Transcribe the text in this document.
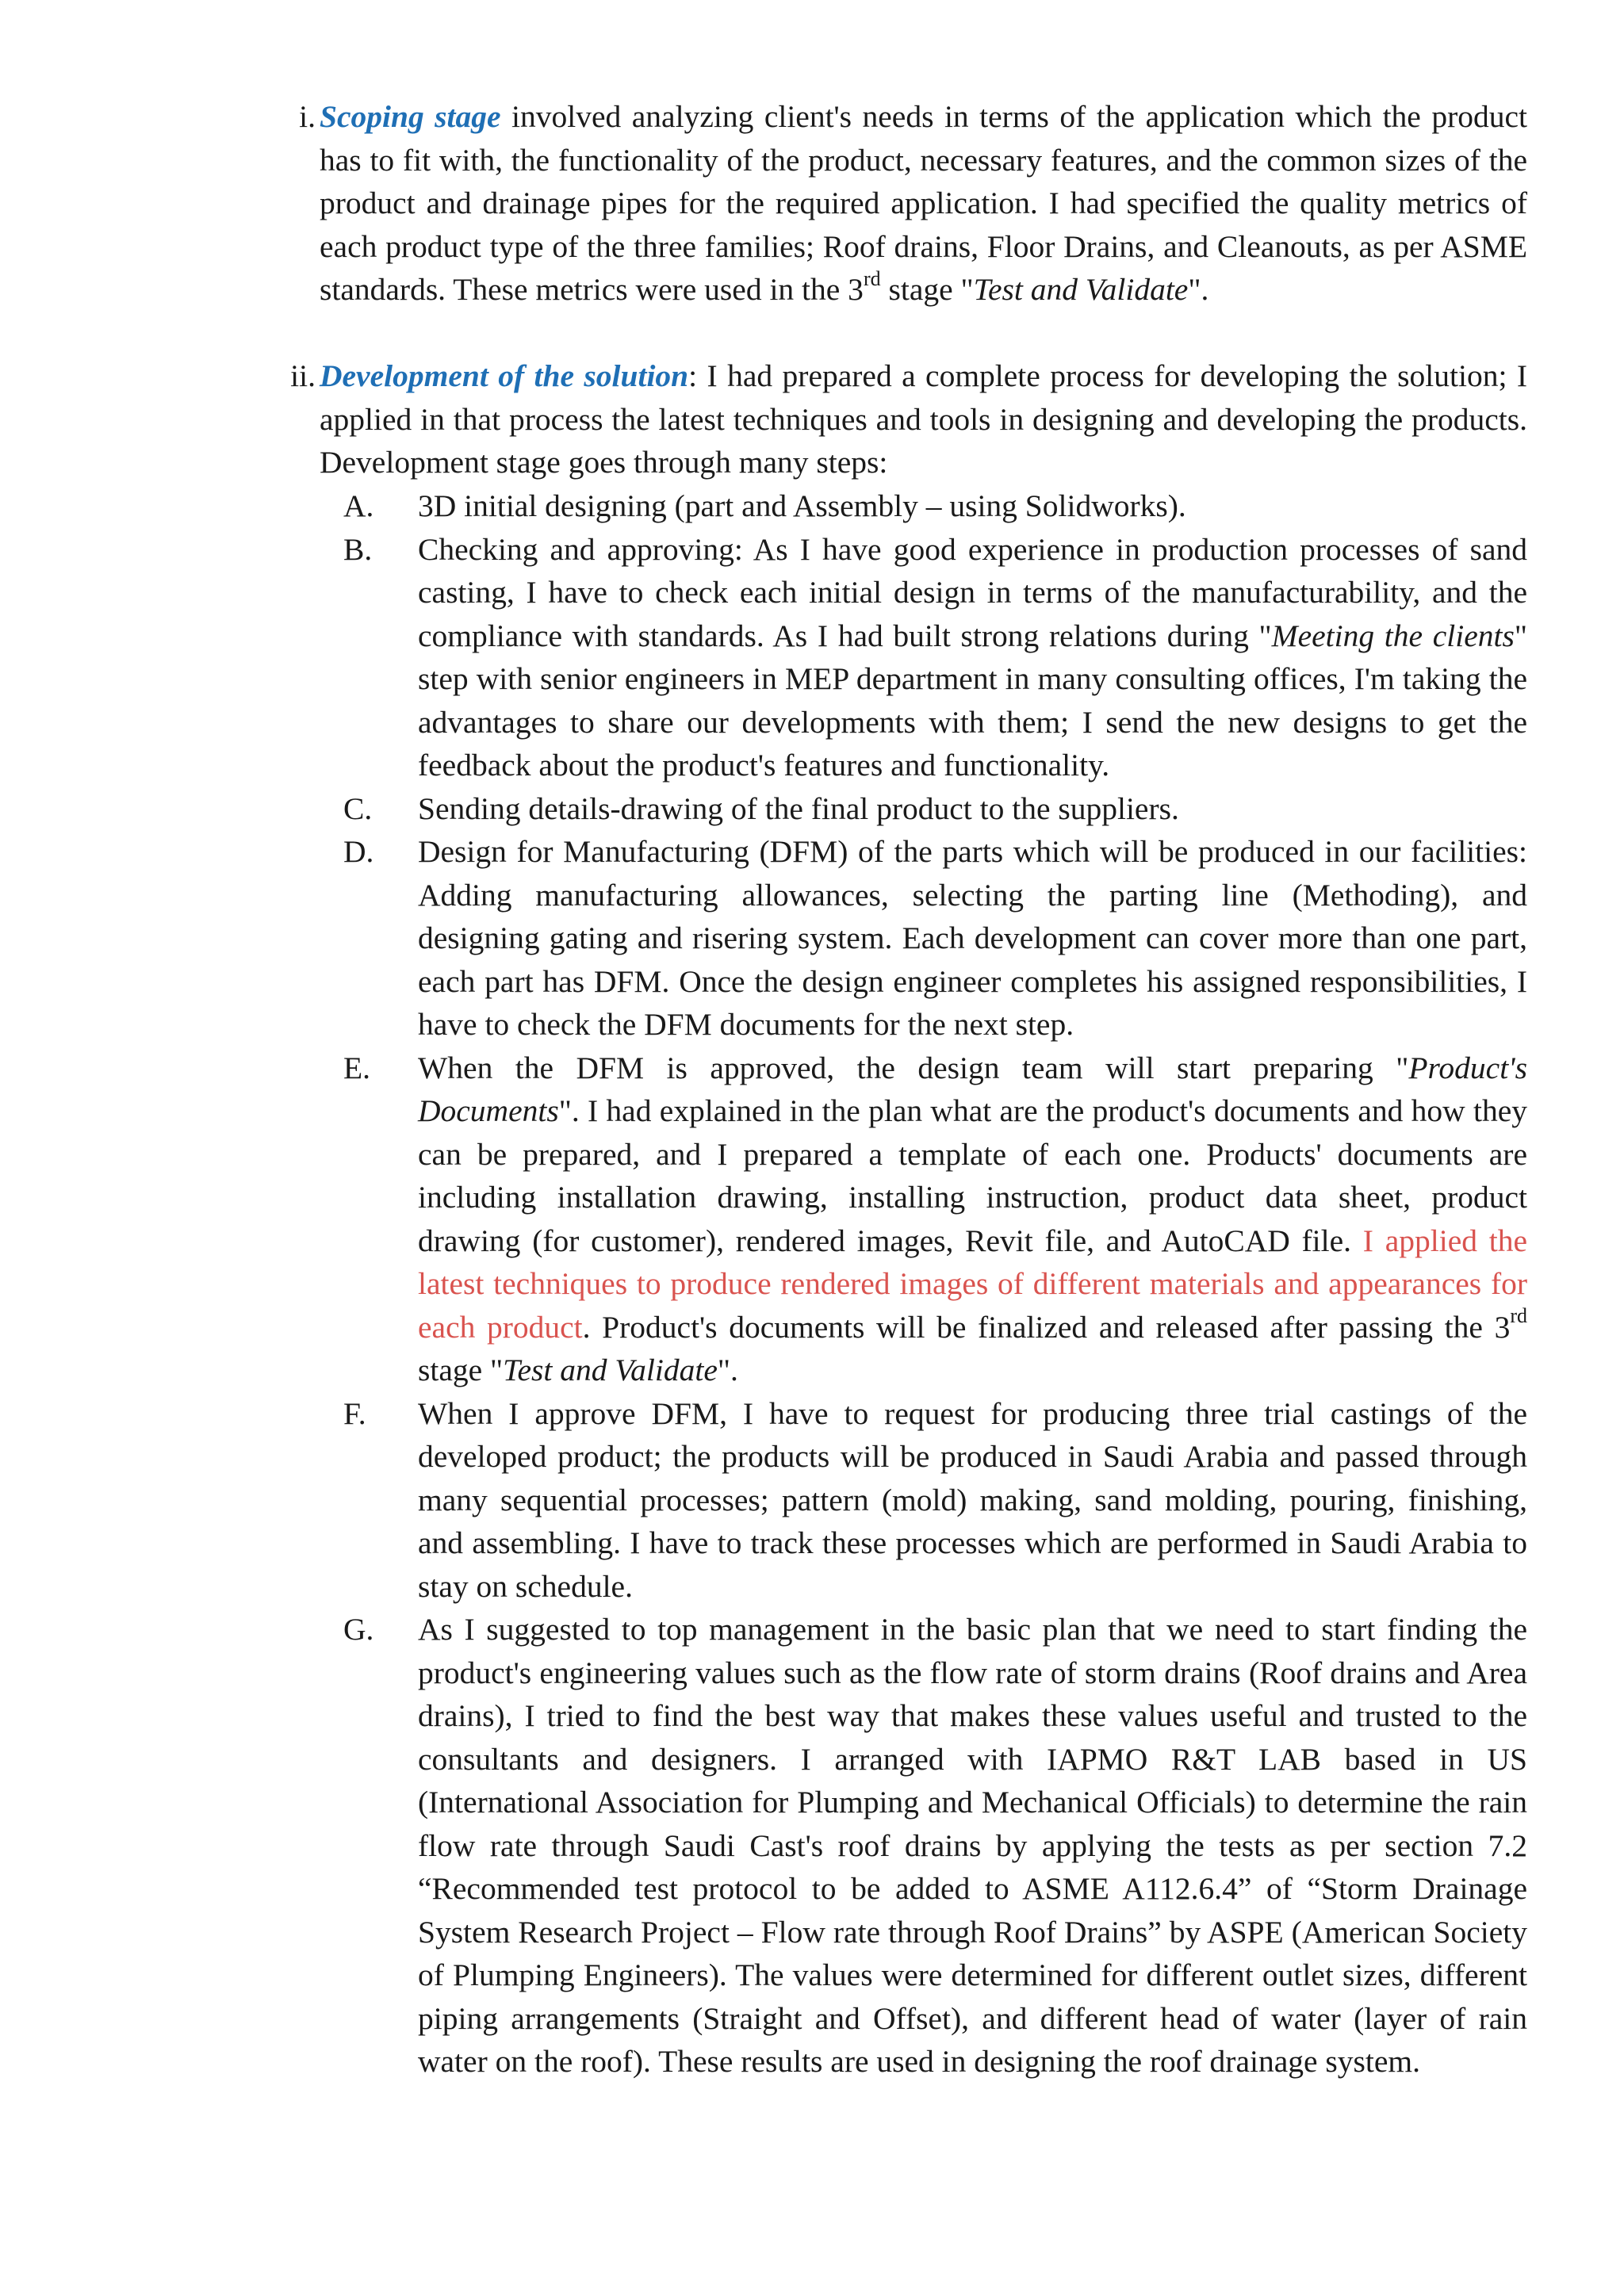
i. Scoping stage involved analyzing client's needs in terms of the application which the product has to fit with, the functionality of the product, necessary features, and the common sizes of the product and drainage pipes for the required application. I had specified the quality metrics of each product type of the three families; Roof drains, Floor Drains, and Cleanouts, as per ASME standards. These metrics were used in the 3rd stage "Test and Validate".
ii. Development of the solution: I had prepared a complete process for developing the solution; I applied in that process the latest techniques and tools in designing and developing the products. Development stage goes through many steps:
A. 3D initial designing (part and Assembly – using Solidworks).
B. Checking and approving: As I have good experience in production processes of sand casting, I have to check each initial design in terms of the manufacturability, and the compliance with standards. As I had built strong relations during "Meeting the clients" step with senior engineers in MEP department in many consulting offices, I'm taking the advantages to share our developments with them; I send the new designs to get the feedback about the product's features and functionality.
C. Sending details-drawing of the final product to the suppliers.
D. Design for Manufacturing (DFM) of the parts which will be produced in our facilities: Adding manufacturing allowances, selecting the parting line (Methoding), and designing gating and risering system. Each development can cover more than one part, each part has DFM. Once the design engineer completes his assigned responsibilities, I have to check the DFM documents for the next step.
E. When the DFM is approved, the design team will start preparing "Product's Documents". I had explained in the plan what are the product's documents and how they can be prepared, and I prepared a template of each one. Products' documents are including installation drawing, installing instruction, product data sheet, product drawing (for customer), rendered images, Revit file, and AutoCAD file. I applied the latest techniques to produce rendered images of different materials and appearances for each product. Product's documents will be finalized and released after passing the 3rd stage "Test and Validate".
F. When I approve DFM, I have to request for producing three trial castings of the developed product; the products will be produced in Saudi Arabia and passed through many sequential processes; pattern (mold) making, sand molding, pouring, finishing, and assembling. I have to track these processes which are performed in Saudi Arabia to stay on schedule.
G. As I suggested to top management in the basic plan that we need to start finding the product's engineering values such as the flow rate of storm drains (Roof drains and Area drains), I tried to find the best way that makes these values useful and trusted to the consultants and designers. I arranged with IAPMO R&T LAB based in US (International Association for Plumping and Mechanical Officials) to determine the rain flow rate through Saudi Cast's roof drains by applying the tests as per section 7.2 “Recommended test protocol to be added to ASME A112.6.4” of “Storm Drainage System Research Project – Flow rate through Roof Drains” by ASPE (American Society of Plumping Engineers). The values were determined for different outlet sizes, different piping arrangements (Straight and Offset), and different head of water (layer of rain water on the roof). These results are used in designing the roof drainage system.
